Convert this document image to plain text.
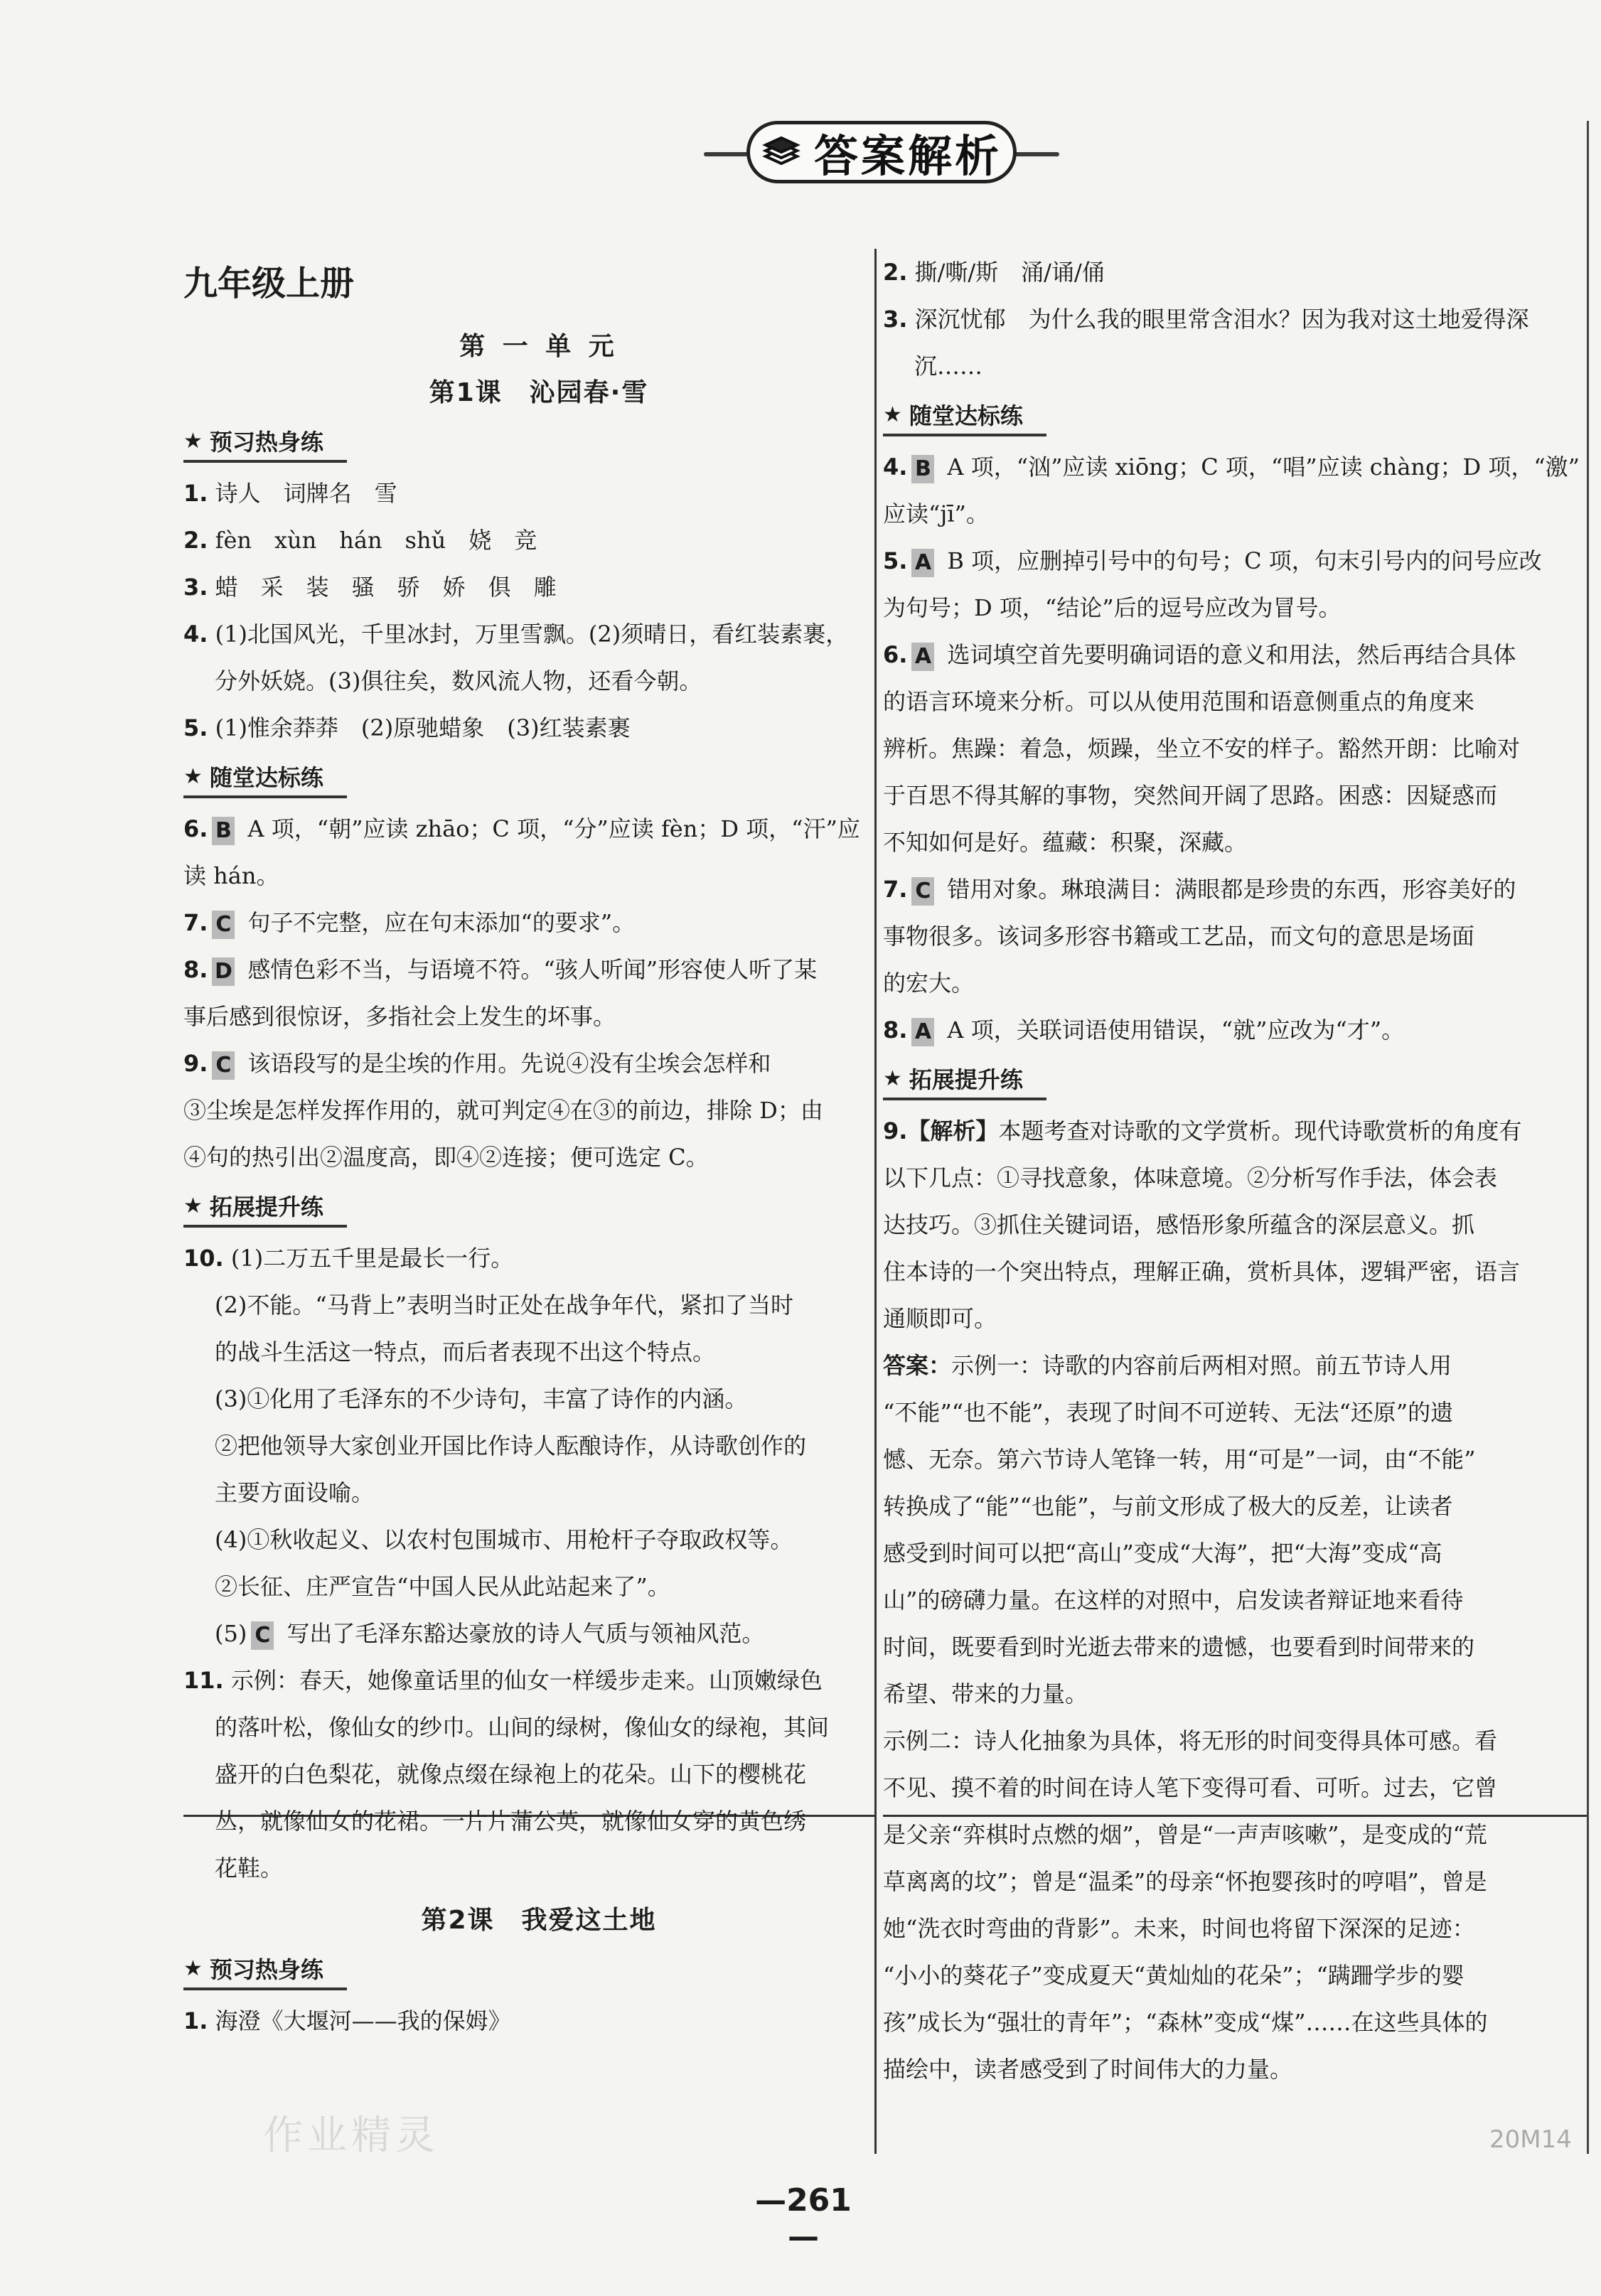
答案解析
九年级上册
第 一 单 元
第1课　沁园春·雪
★ 预习热身练
1. 诗人　词牌名　雪
2. fèn　xùn　hán　shǔ　娆　竞
3. 蜡　采　装　骚　骄　娇　俱　雕
4. (1)北国风光，千里冰封，万里雪飘。(2)须晴日，看红装素裹，
分外妖娆。(3)俱往矣，数风流人物，还看今朝。
5. (1)惟余莽莽　(2)原驰蜡象　(3)红装素裹
★ 随堂达标练
6. B A 项，“朝”应读 zhāo；C 项，“分”应读 fèn；D 项，“汗”应
读 hán。
7. C 句子不完整，应在句末添加“的要求”。
8. D 感情色彩不当，与语境不符。“骇人听闻”形容使人听了某
事后感到很惊讶，多指社会上发生的坏事。
9. C 该语段写的是尘埃的作用。先说④没有尘埃会怎样和
③尘埃是怎样发挥作用的，就可判定④在③的前边，排除 D；由
④句的热引出②温度高，即④②连接；便可选定 C。
★ 拓展提升练
10. (1)二万五千里是最长一行。
(2)不能。“马背上”表明当时正处在战争年代，紧扣了当时
的战斗生活这一特点，而后者表现不出这个特点。
(3)①化用了毛泽东的不少诗句，丰富了诗作的内涵。
②把他领导大家创业开国比作诗人酝酿诗作，从诗歌创作的
主要方面设喻。
(4)①秋收起义、以农村包围城市、用枪杆子夺取政权等。
②长征、庄严宣告“中国人民从此站起来了”。
(5) C 写出了毛泽东豁达豪放的诗人气质与领袖风范。
11. 示例：春天，她像童话里的仙女一样缓步走来。山顶嫩绿色
的落叶松，像仙女的纱巾。山间的绿树，像仙女的绿袍，其间
盛开的白色梨花，就像点缀在绿袍上的花朵。山下的樱桃花
丛，就像仙女的花裙。一片片蒲公英，就像仙女穿的黄色绣
花鞋。
第2课　我爱这土地
★ 预习热身练
1. 海澄《大堰河——我的保姆》
2. 撕/嘶/斯　涌/诵/俑
3. 深沉忧郁　为什么我的眼里常含泪水？因为我对这土地爱得深
沉……
★ 随堂达标练
4. B A 项，“汹”应读 xiōng；C 项，“唱”应读 chàng；D 项，“激”
应读“jī”。
5. A B 项，应删掉引号中的句号；C 项，句末引号内的问号应改
为句号；D 项，“结论”后的逗号应改为冒号。
6. A 选词填空首先要明确词语的意义和用法，然后再结合具体
的语言环境来分析。可以从使用范围和语意侧重点的角度来
辨析。焦躁：着急，烦躁，坐立不安的样子。豁然开朗：比喻对
于百思不得其解的事物，突然间开阔了思路。困惑：因疑惑而
不知如何是好。蕴藏：积聚，深藏。
7. C 错用对象。琳琅满目：满眼都是珍贵的东西，形容美好的
事物很多。该词多形容书籍或工艺品，而文句的意思是场面
的宏大。
8. A A 项，关联词语使用错误，“就”应改为“才”。
★ 拓展提升练
9.【解析】本题考查对诗歌的文学赏析。现代诗歌赏析的角度有
以下几点：①寻找意象，体味意境。②分析写作手法，体会表
达技巧。③抓住关键词语，感悟形象所蕴含的深层意义。抓
住本诗的一个突出特点，理解正确，赏析具体，逻辑严密，语言
通顺即可。
答案：示例一：诗歌的内容前后两相对照。前五节诗人用
“不能”“也不能”，表现了时间不可逆转、无法“还原”的遗
憾、无奈。第六节诗人笔锋一转，用“可是”一词，由“不能”
转换成了“能”“也能”，与前文形成了极大的反差，让读者
感受到时间可以把“高山”变成“大海”，把“大海”变成“高
山”的磅礴力量。在这样的对照中，启发读者辩证地来看待
时间，既要看到时光逝去带来的遗憾，也要看到时间带来的
希望、带来的力量。
示例二：诗人化抽象为具体，将无形的时间变得具体可感。看
不见、摸不着的时间在诗人笔下变得可看、可听。过去，它曾
是父亲“弈棋时点燃的烟”，曾是“一声声咳嗽”，是变成的“荒
草离离的坟”；曾是“温柔”的母亲“怀抱婴孩时的哼唱”，曾是
她“洗衣时弯曲的背影”。未来，时间也将留下深深的足迹：
“小小的葵花子”变成夏天“黄灿灿的花朵”；“蹒跚学步的婴
孩”成长为“强壮的青年”；“森林”变成“煤”……在这些具体的
描绘中，读者感受到了时间伟大的力量。
作业精灵	20M14
—261 —
